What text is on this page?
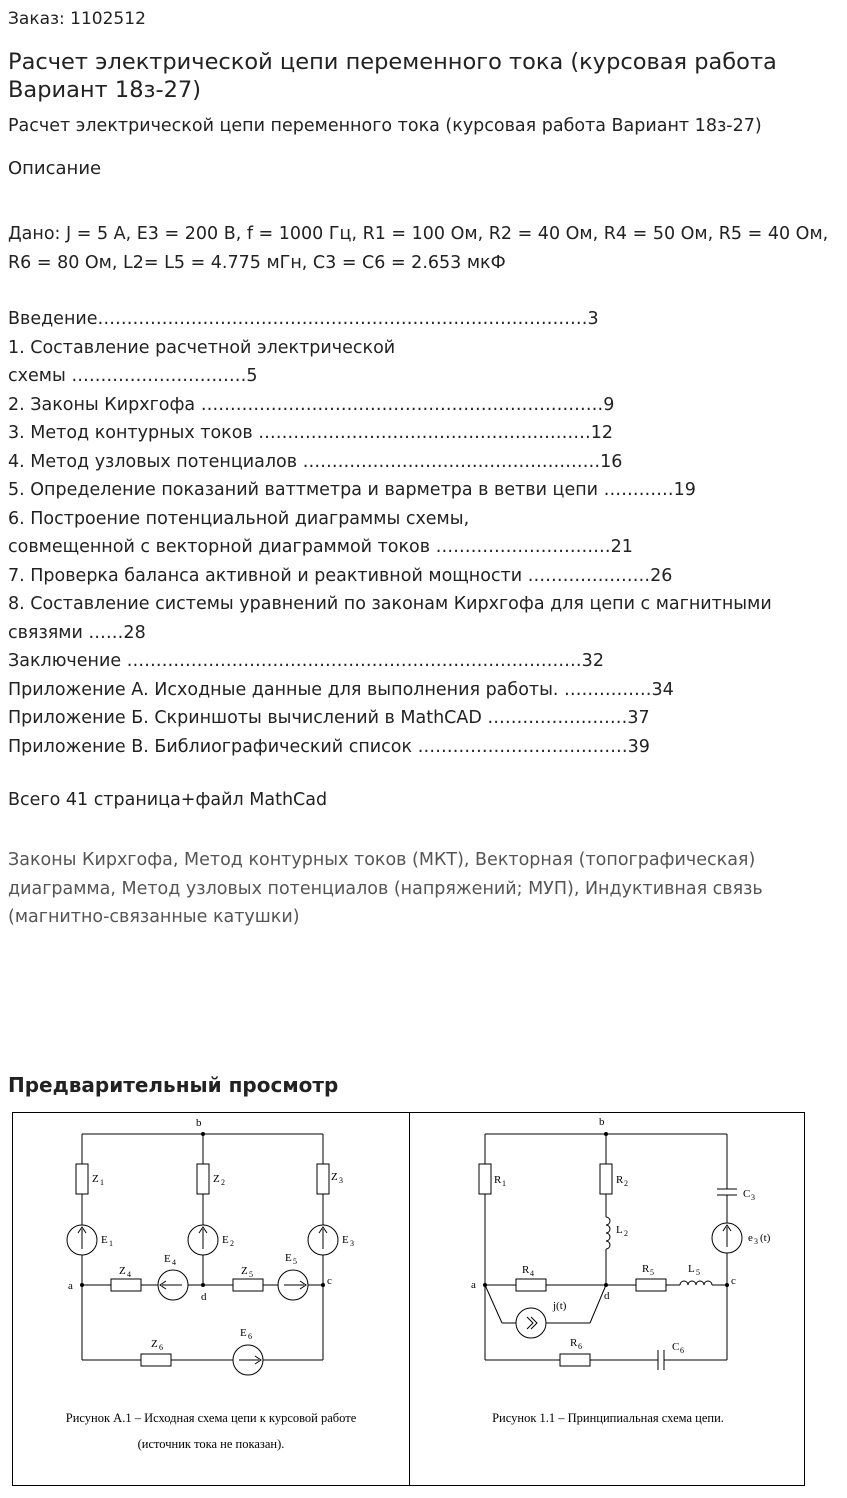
Заказ: 1102512
Расчет электрической цепи переменного тока (курсовая работа Вариант 18з-27)
Расчет электрической цепи переменного тока (курсовая работа Вариант 18з-27)
Описание
Дано: J = 5 А, E3 = 200 В, f = 1000 Гц, R1 = 100 Ом, R2 = 40 Ом, R4 = 50 Ом, R5 = 40 Ом, R6 = 80 Ом, L2= L5 = 4.775 мГн, C3 = C6 = 2.653 мкФ
Введение…………………………………………………………………………3
1. Составление расчетной электрической
схемы …………………………5
2. Законы Кирхгофа ……………………………………………………………9
3. Метод контурных токов …………………………………………………12
4. Метод узловых потенциалов ……………………………………………16
5. Определение показаний ваттметра и варметра в ветви цепи …………19
6. Построение потенциальной диаграммы схемы,
совмещенной с векторной диаграммой токов …………………………21
7. Проверка баланса активной и реактивной мощности …………………26
8. Составление системы уравнений по законам Кирхгофа для цепи с магнитными
связями ……28
Заключение ……………………………………………………………………32
Приложение А. Исходные данные для выполнения работы. ……………34
Приложение Б. Скриншоты вычислений в MathCAD ……………………37
Приложение В. Библиографический список ………………………………39
Всего 41 страница+файл MathCad
Законы Кирхгофа, Метод контурных токов (МКТ), Векторная (топографическая) диаграмма, Метод узловых потенциалов (напряжений; МУП), Индуктивная связь (магнитно-связанные катушки)
Предварительный просмотр
b
a
d
c
Z 1	Z 2	Z 3
Z 4	Z 5
Z 6
E 1	E 2	E 3
E 4	E 5
E 6
Рисунок А.1 – Исходная схема цепи к курсовой работе
(источник тока не показан).
b
a
d
c
R 1	R 2
R 4	R 5
R 6
L 2
L 5
C 3
C 6
j(t)
e 3 (t)
Рисунок 1.1 – Принципиальная схема цепи.
